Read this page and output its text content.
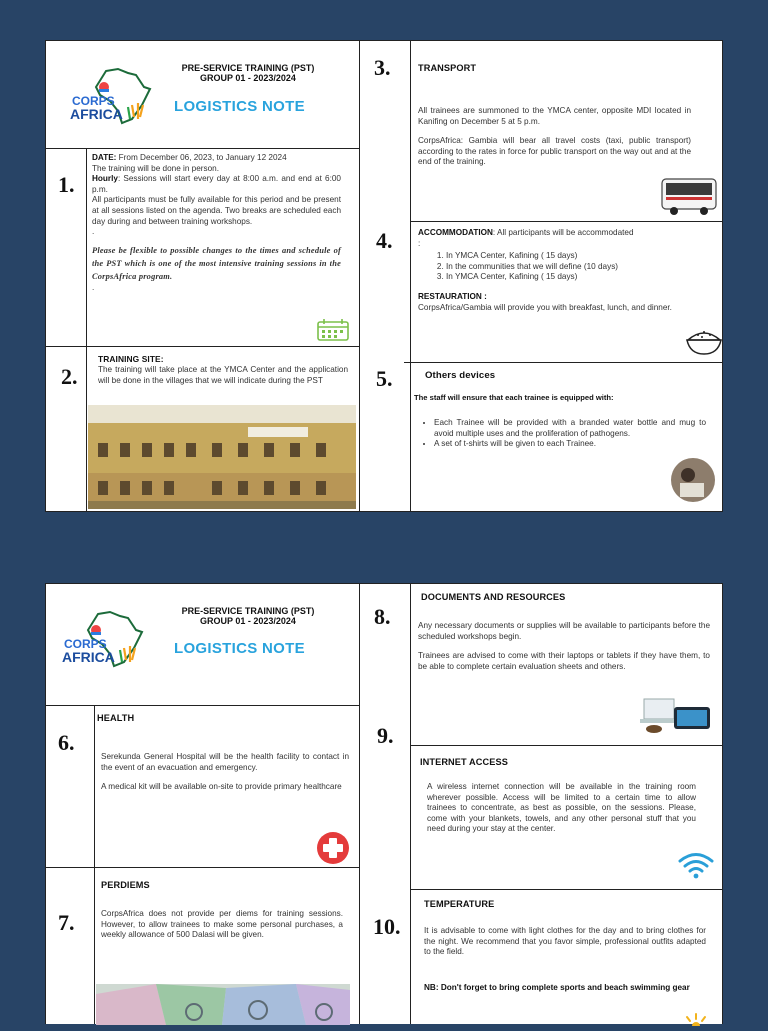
CORPS
AFRICA
PRE-SERVICE TRAINING (PST)
GROUP 01 - 2023/2024
LOGISTICS NOTE
1.

DATE: From December 06, 2023, to January 12 2024

The training will be done in person.

Hourly: Sessions will start every day at 8:00 a.m. and end at 6:00 p.m.

All participants must be fully available for this period and be present at all sessions listed on the agenda. Two breaks are scheduled each day during and between training workshops.

.

Please be flexible to possible changes to the times and schedule of the PST which is one of the most intensive training sessions in the CorpsAfrica program.

.

2.
TRAINING SITE:
The training will take place at the YMCA Center and the application will be done in the villages that we will indicate during the PST
3.	TRANSPORT

All trainees are summoned to the YMCA center, opposite MDI located in Kanifing on December 5 at 5 p.m.

CorpsAfrica: Gambia will bear all travel costs (taxi, public transport) according to the rates in force for public transport on the way out and at the end of the training.

4.	ACCOMMODATION: All participants will be accommodated

:

1. In YMCA Center, Kafining ( 15 days)
2. In the communities that we will define (10 days)
3. In YMCA Center, Kafining ( 15 days)

RESTAURATION :

CorpsAfrica/Gambia will provide you with breakfast, lunch, and dinner.

5.	Others devices
The staff will ensure that each trainee is equipped with:
• Each Trainee will be provided with a branded water bottle and mug to avoid multiple uses and the proliferation of pathogens.
• A set of t-shirts will be given to each Trainee.
CORPS
AFRICA
PRE-SERVICE TRAINING (PST)
GROUP 01 - 2023/2024
LOGISTICS NOTE
6.
HEALTH

Serekunda General Hospital will be the health facility to contact in the event of an evacuation and emergency.

A medical kit will be available on-site to provide primary healthcare

7.
PERDIEMS
CorpsAfrica does not provide per diems for training sessions. However, to allow trainees to make some personal purchases, a weekly allowance of 500 Dalasi will be given.
8.
DOCUMENTS AND RESOURCES

Any necessary documents or supplies will be available to participants before the scheduled workshops begin.

Trainees are advised to come with their laptops or tablets if they have them, to be able to complete certain evaluation sheets and others.

9.
INTERNET ACCESS
A wireless internet connection will be available in the training room wherever possible. Access will be limited to a certain time to allow trainees to concentrate, as best as possible, on the sessions. Please, come with your blankets, towels, and any other personal stuff that you need during your stay at the center.
10.
TEMPERATURE
It is advisable to come with light clothes for the day and to bring clothes for the night. We recommend that you favor simple, professional outfits adapted to the field.
NB: Don't forget to bring complete sports and beach swimming gear
